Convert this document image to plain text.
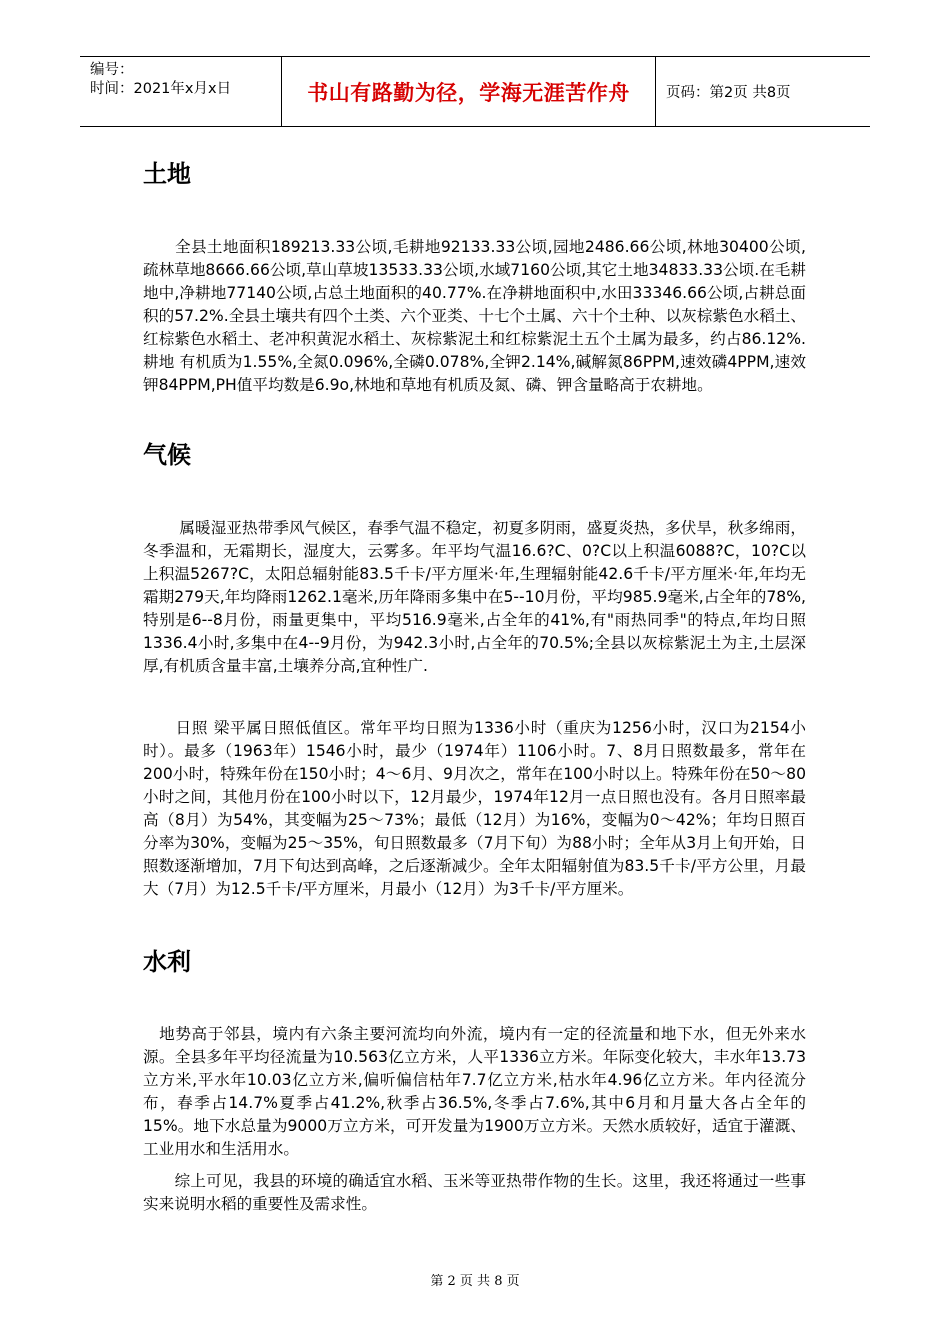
编号：
时间：2021年x月x日	书山有路勤为径，学海无涯苦作舟	页码：第2页 共8页
土地

　　全县土地面积189213.33公顷,毛耕地92133.33公顷,园地2486.66公顷,林地30400公顷,疏林草地8666.66公顷,草山草坡13533.33公顷,水域7160公顷,其它土地34833.33公顷.在毛耕地中,净耕地77140公顷,占总土地面积的40.77%.在净耕地面积中,水田33346.66公顷,占耕总面积的57.2%.全县土壤共有四个土类、六个亚类、十七个土属、六十个土种、以灰棕紫色水稻土、红棕紫色水稻土、老冲积黄泥水稻土、灰棕紫泥土和红棕紫泥土五个土属为最多，约占86.12%.耕地 有机质为1.55%,全氮0.096%,全磷0.078%,全钾2.14%,碱解氮86PPM,速效磷4PPM,速效钾84PPM,PH值平均数是6.9o,林地和草地有机质及氮、磷、钾含量略高于农耕地。

气候

　　 属暖湿亚热带季风气候区，春季气温不稳定，初夏多阴雨，盛夏炎热，多伏旱，秋多绵雨，冬季温和，无霜期长，湿度大，云雾多。年平均气温16.6?C、0?C以上积温6088?C，10?C以上积温5267?C，太阳总辐射能83.5千卡/平方厘米·年,生理辐射能42.6千卡/平方厘米·年,年均无霜期279天,年均降雨1262.1毫米,历年降雨多集中在5--10月份，平均985.9毫米,占全年的78%,特别是6--8月份，雨量更集中，平均516.9毫米,占全年的41%,有"雨热同季"的特点,年均日照1336.4小时,多集中在4--9月份，为942.3小时,占全年的70.5%;全县以灰棕紫泥土为主,土层深厚,有机质含量丰富,土壤养分高,宜种性广.

　　日照 梁平属日照低值区。常年平均日照为1336小时（重庆为1256小时，汉口为2154小时）。最多（1963年）1546小时，最少（1974年）1106小时。7、8月日照数最多，常年在200小时，特殊年份在150小时；4～6月、9月次之，常年在100小时以上。特殊年份在50～80小时之间，其他月份在100小时以下，12月最少，1974年12月一点日照也没有。各月日照率最高（8月）为54%，其变幅为25～73%；最低（12月）为16%，变幅为0～42%；年均日照百分率为30%，变幅为25～35%，旬日照数最多（7月下旬）为88小时；全年从3月上旬开始，日照数逐渐增加，7月下旬达到高峰，之后逐渐减少。全年太阳辐射值为83.5千卡/平方公里，月最大（7月）为12.5千卡/平方厘米，月最小（12月）为3千卡/平方厘米。

水利

　地势高于邻县，境内有六条主要河流均向外流，境内有一定的径流量和地下水，但无外来水源。全县多年平均径流量为10.563亿立方米，人平1336立方米。年际变化较大，丰水年13.73立方米,平水年10.03亿立方米,偏听偏信枯年7.7亿立方米,枯水年4.96亿立方米。年内径流分布，春季占14.7%夏季占41.2%,秋季占36.5%,冬季占7.6%,其中6月和月量大各占全年的15%。地下水总量为9000万立方米，可开发量为1900万立方米。天然水质较好，适宜于灌溉、工业用水和生活用水。

　　综上可见，我县的环境的确适宜水稻、玉米等亚热带作物的生长。这里，我还将通过一些事实来说明水稻的重要性及需求性。

第 2 页 共 8 页
